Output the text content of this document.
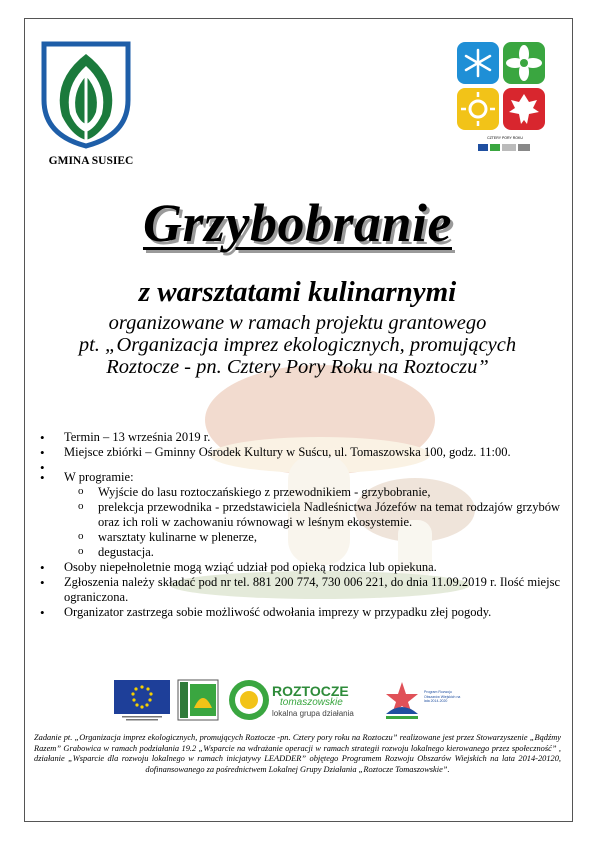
GMINA SUSIEC
CZTERY PORY ROKU
Grzybobranie
z warsztatami kulinarnymi
organizowane w ramach projektu grantowego
pt. „Organizacja imprez ekologicznych, promujących
Roztocze - pn. Cztery Pory Roku na Roztoczu”
• Termin – 13 września 2019 r.
• Miejsce zbiórki – Gminny Ośrodek Kultury w Suścu, ul. Tomaszowska 100, godz. 11:00.
•
• W programie:
o Wyjście do lasu roztoczańskiego z przewodnikiem - grzybobranie,
o prelekcja przewodnika - przedstawiciela Nadleśnictwa Józefów na temat rodzajów grzybów oraz ich roli w zachowaniu równowagi w leśnym ekosystemie.
o warsztaty kulinarne w plenerze,
o degustacja.
• Osoby niepełnoletnie mogą wziąć udział pod opieką rodzica lub opiekuna.
• Zgłoszenia należy składać pod nr tel. 881 200 774, 730 006 221, do dnia 11.09.2019 r. Ilość miejsc ograniczona.
• Organizator zastrzega sobie możliwość odwołania imprezy w przypadku złej pogody.
ROZTOCZE
tomaszowskie
lokalna grupa działania
Program Rozwoju Obszarów Wiejskich na lata 2014-2020
Zadanie pt. „Organizacja imprez ekologicznych, promujących Roztocze -pn. Cztery pory roku na Roztoczu” realizowane jest przez Stowarzyszenie „Bądźmy Razem” Grabowica w ramach podziałania 19.2 „Wsparcie na wdrażanie operacji w ramach strategii rozwoju lokalnego kierowanego przez społeczność” , działanie „Wsparcie dla rozwoju lokalnego w ramach inicjatywy LEADDER” objętego Programem Rozwoju Obszarów Wiejskich na lata 2014-20120, dofinansowanego za pośrednictwem Lokalnej Grupy Działania „Roztocze Tomaszowskie”.
